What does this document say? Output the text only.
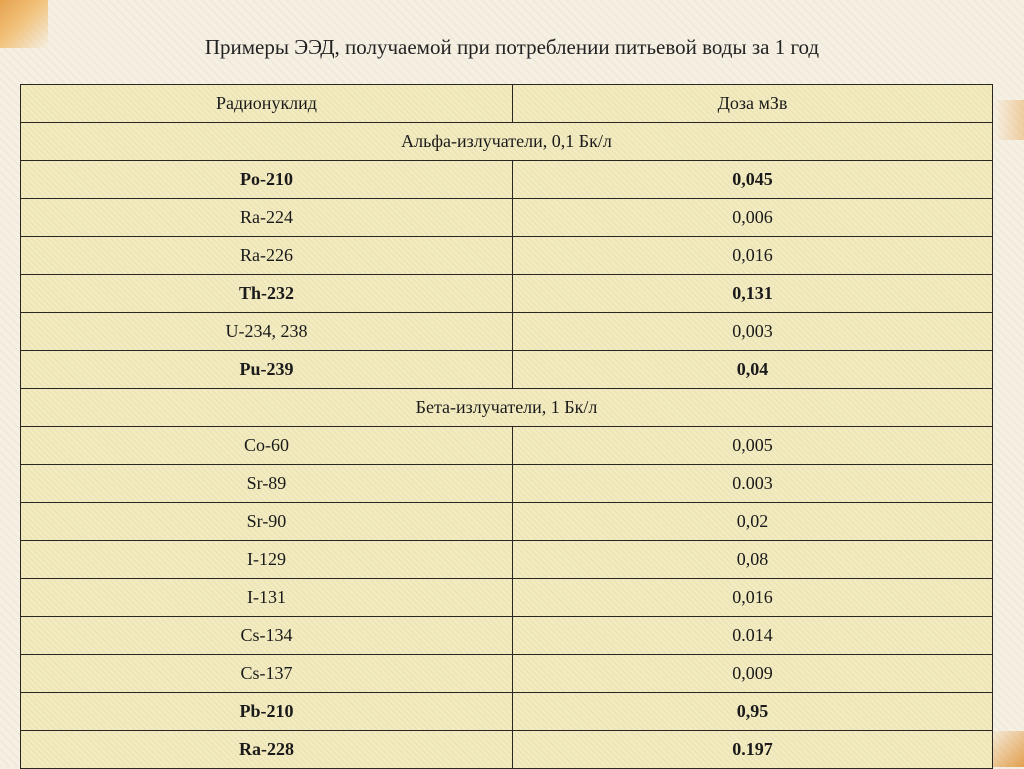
Примеры ЭЭД, получаемой при потреблении питьевой воды за 1 год
Радионуклид	Доза мЗв
Альфа-излучатели, 0,1 Бк/л	
Po-210	0,045
Ra-224	0,006
Ra-226	0,016
Th-232	0,131
U-234, 238	0,003
Pu-239	0,04
Бета-излучатели, 1 Бк/л	
Co-60	0,005
Sr-89	0.003
Sr-90	0,02
I-129	0,08
I-131	0,016
Cs-134	0.014
Cs-137	0,009
Pb-210	0,95
Ra-228	0.197
